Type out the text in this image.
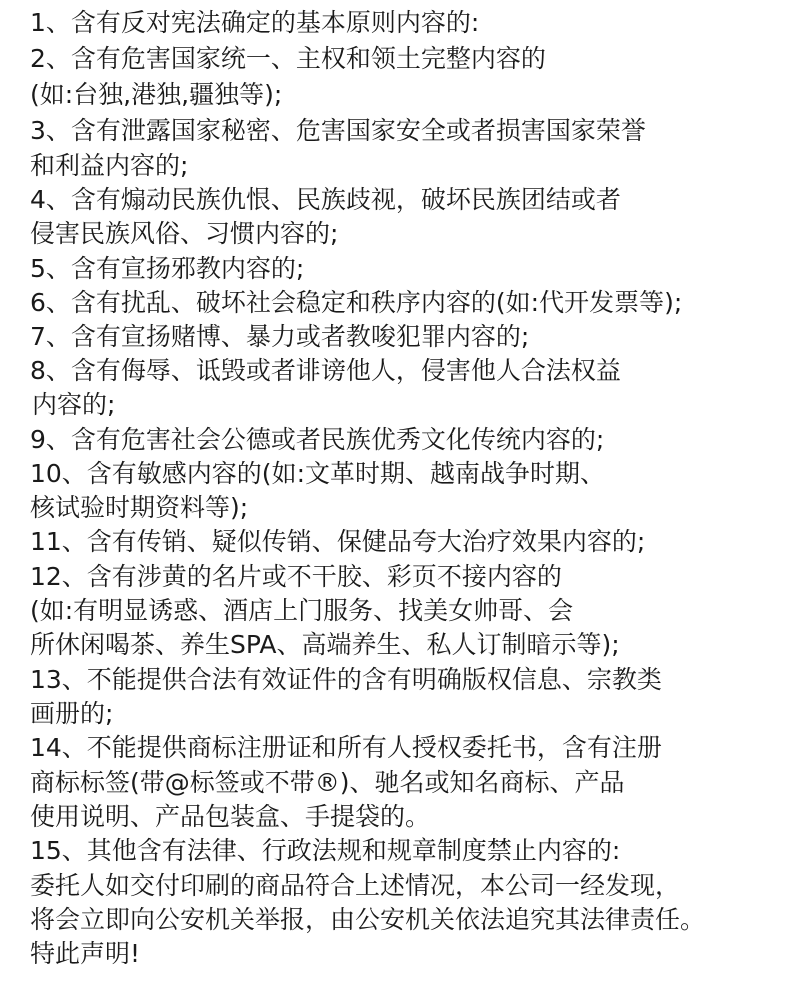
1、含有反对宪法确定的基本原则内容的:
2、含有危害国家统一、主权和领土完整内容的
(如:台独,港独,疆独等);
3、含有泄露国家秘密、危害国家安全或者损害国家荣誉
和利益内容的;
4、含有煽动民族仇恨、民族歧视，破坏民族团结或者
侵害民族风俗、习惯内容的;
5、含有宣扬邪教内容的;
6、含有扰乱、破坏社会稳定和秩序内容的(如:代开发票等);
7、含有宣扬赌博、暴力或者教唆犯罪内容的;
8、含有侮辱、诋毁或者诽谤他人，侵害他人合法权益
内容的;
9、含有危害社会公德或者民族优秀文化传统内容的;
10、含有敏感内容的(如:文革时期、越南战争时期、
核试验时期资料等);
11、含有传销、疑似传销、保健品夸大治疗效果内容的;
12、含有涉黄的名片或不干胶、彩页不接内容的
(如:有明显诱惑、酒店上门服务、找美女帅哥、会
所休闲喝茶、养生SPA、高端养生、私人订制暗示等);
13、不能提供合法有效证件的含有明确版权信息、宗教类
画册的;
14、不能提供商标注册证和所有人授权委托书，含有注册
商标标签(带@标签或不带®)、驰名或知名商标、产品
使用说明、产品包装盒、手提袋的。
15、其他含有法律、行政法规和规章制度禁止内容的:
委托人如交付印刷的商品符合上述情况，本公司一经发现，
将会立即向公安机关举报，由公安机关依法追究其法律责任。
特此声明!
